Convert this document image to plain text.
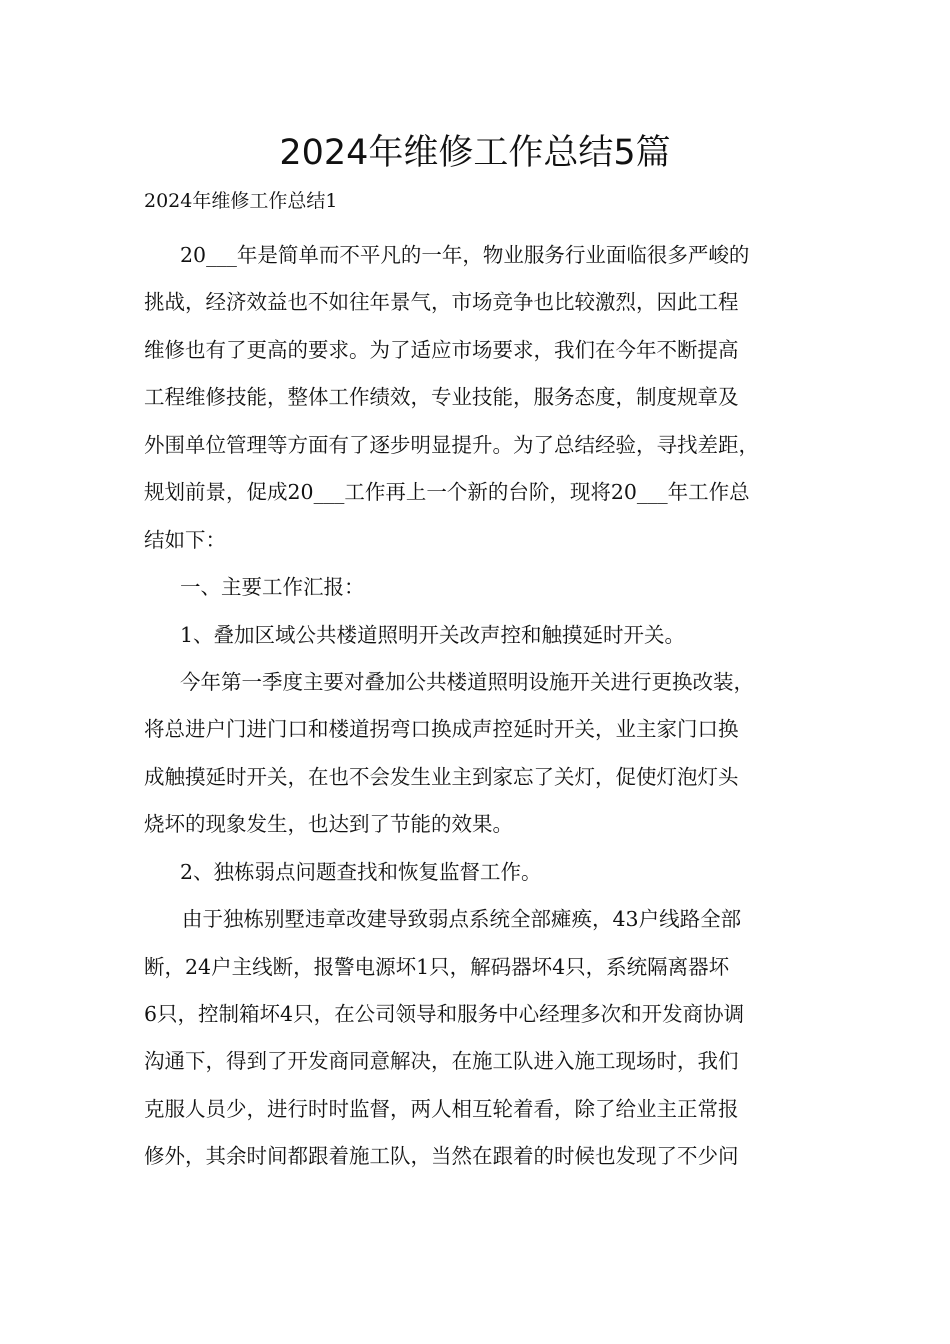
2024年维修工作总结5篇
2024年维修工作总结1
20___年是简单而不平凡的一年，物业服务行业面临很多严峻的
挑战，经济效益也不如往年景气，市场竞争也比较激烈，因此工程
维修也有了更高的要求。为了适应市场要求，我们在今年不断提高
工程维修技能，整体工作绩效，专业技能，服务态度，制度规章及
外围单位管理等方面有了逐步明显提升。为了总结经验，寻找差距，
规划前景，促成20___工作再上一个新的台阶，现将20___年工作总
结如下：
一、主要工作汇报：
1、叠加区域公共楼道照明开关改声控和触摸延时开关。
今年第一季度主要对叠加公共楼道照明设施开关进行更换改装，
将总进户门进门口和楼道拐弯口换成声控延时开关，业主家门口换
成触摸延时开关，在也不会发生业主到家忘了关灯，促使灯泡灯头
烧坏的现象发生，也达到了节能的效果。
2、独栋弱点问题查找和恢复监督工作。
由于独栋别墅违章改建导致弱点系统全部瘫痪，43户线路全部
断，24户主线断，报警电源坏1只，解码器坏4只，系统隔离器坏
6只，控制箱坏4只，在公司领导和服务中心经理多次和开发商协调
沟通下，得到了开发商同意解决，在施工队进入施工现场时，我们
克服人员少，进行时时监督，两人相互轮着看，除了给业主正常报
修外，其余时间都跟着施工队，当然在跟着的时候也发现了不少问
